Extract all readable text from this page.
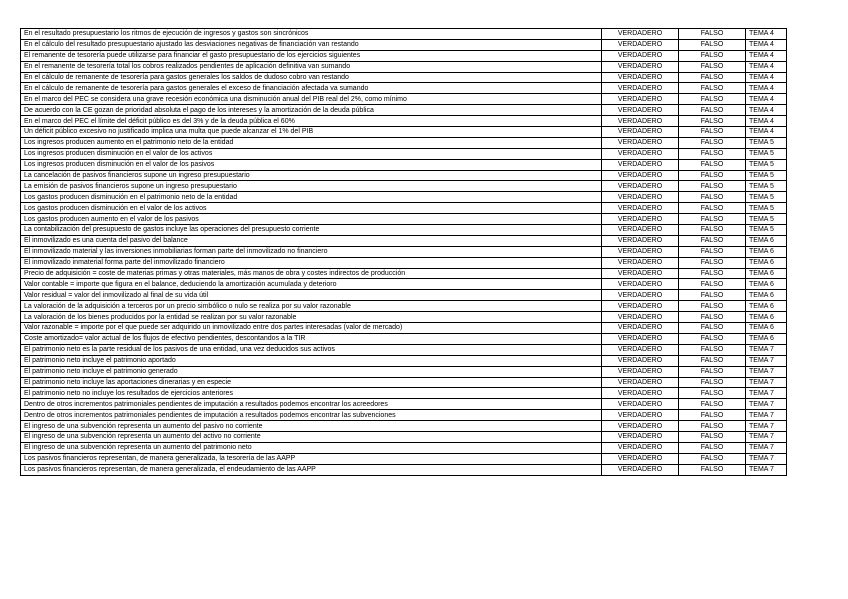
En el resultado presupuestario los ritmos de ejecución de ingresos y gastos son sincrónicos	VERDADERO	FALSO	TEMA 4
En el cálculo del resultado presupuestario ajustado las desviaciones negativas de financiación van restando	VERDADERO	FALSO	TEMA 4
El remanente de tesorería puede utilizarse para financiar el gasto presupuestario de los ejercicios siguientes	VERDADERO	FALSO	TEMA 4
En el remanente de tesorería total los cobros realizados pendientes de aplicación definitiva van sumando	VERDADERO	FALSO	TEMA 4
En el cálculo de remanente de tesorería para gastos generales los saldos de dudoso cobro van restando	VERDADERO	FALSO	TEMA 4
En el cálculo de remanente de tesorería para gastos generales el exceso de financiación afectada va sumando	VERDADERO	FALSO	TEMA 4
En el marco del PEC se considera una grave recesión económica una disminución anual del PIB real del 2%, como mínimo	VERDADERO	FALSO	TEMA 4
De acuerdo con la CE gozan de prioridad absoluta el pago de los intereses y la amortización de la deuda pública	VERDADERO	FALSO	TEMA 4
En el marco del PEC el límite del déficit público es del 3% y de la deuda pública el 60%	VERDADERO	FALSO	TEMA 4
Un déficit público excesivo no justificado implica una multa que puede alcanzar el 1% del PIB	VERDADERO	FALSO	TEMA 4
Los ingresos producen aumento en el patrimonio neto de la entidad	VERDADERO	FALSO	TEMA 5
Los ingresos producen disminución en el valor de los activos	VERDADERO	FALSO	TEMA 5
Los ingresos producen disminución en el valor de los pasivos	VERDADERO	FALSO	TEMA 5
La cancelación de pasivos financieros supone un ingreso presupuestario	VERDADERO	FALSO	TEMA 5
La emisión de pasivos financieros supone un ingreso presupuestario	VERDADERO	FALSO	TEMA 5
Los gastos producen disminución en el patrimonio neto de la entidad	VERDADERO	FALSO	TEMA 5
Los gastos producen disminución en el valor de los activos	VERDADERO	FALSO	TEMA 5
Los gastos producen aumento en el valor de los pasivos	VERDADERO	FALSO	TEMA 5
La contabilización del presupuesto de gastos incluye las operaciones del presupuesto corriente	VERDADERO	FALSO	TEMA 5
El inmovilizado es una cuenta del pasivo del balance	VERDADERO	FALSO	TEMA 6
El inmovilizado material y las inversiones inmobiliarias forman parte del inmovilizado no financiero	VERDADERO	FALSO	TEMA 6
El inmovilizado inmaterial forma parte del inmovilizado financiero	VERDADERO	FALSO	TEMA 6
Precio de adquisición = coste de materias primas y otras materiales, más manos de obra y costes indirectos de producción	VERDADERO	FALSO	TEMA 6
Valor contable = importe que figura en el balance, deduciendo la amortización acumulada y deterioro	VERDADERO	FALSO	TEMA 6
Valor residual = valor del inmovilizado al final de su vida útil	VERDADERO	FALSO	TEMA 6
La valoración de la adquisición a terceros por un precio simbólico o nulo se realiza por su valor razonable	VERDADERO	FALSO	TEMA 6
La valoración de los bienes producidos por la entidad se realizan por su valor razonable	VERDADERO	FALSO	TEMA 6
Valor razonable = importe por el que puede ser adquirido un inmovilizado entre dos partes interesadas (valor de mercado)	VERDADERO	FALSO	TEMA 6
Coste amortizado= valor actual de los flujos de efectivo pendientes, descontandos a la TIR	VERDADERO	FALSO	TEMA 6
El patrimonio neto es la parte residual de los pasivos de una entidad, una vez deducidos sus activos	VERDADERO	FALSO	TEMA 7
El patrimonio neto incluye el patrimonio aportado	VERDADERO	FALSO	TEMA 7
El patrimonio neto incluye el patrimonio generado	VERDADERO	FALSO	TEMA 7
El patrimonio neto incluye las aportaciones dinerarias y en especie	VERDADERO	FALSO	TEMA 7
El patrimonio neto no incluye los resultados de ejercicios anteriores	VERDADERO	FALSO	TEMA 7
Dentro de otros incrementos patrimoniales pendientes de imputación a resultados podemos encontrar los acreedores	VERDADERO	FALSO	TEMA 7
Dentro de otros incrementos patrimoniales pendientes de imputación a resultados podemos encontrar las subvenciones	VERDADERO	FALSO	TEMA 7
El ingreso de una subvención representa un aumento del pasivo no corriente	VERDADERO	FALSO	TEMA 7
El ingreso de una subvención representa un aumento del activo no corriente	VERDADERO	FALSO	TEMA 7
El ingreso de una subvención representa un aumento del patrimonio neto	VERDADERO	FALSO	TEMA 7
Los pasivos financieros representan, de manera generalizada, la tesorería de las AAPP	VERDADERO	FALSO	TEMA 7
Los pasivos financieros representan, de manera generalizada, el endeudamiento de las AAPP	VERDADERO	FALSO	TEMA 7
